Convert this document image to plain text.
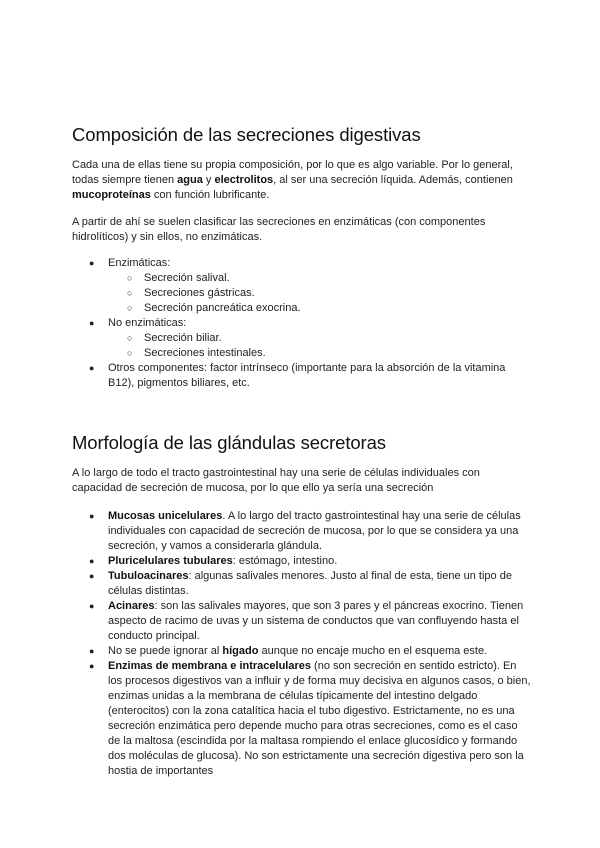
Composición de las secreciones digestivas

Cada una de ellas tiene su propia composición, por lo que es algo variable. Por lo general, todas siempre tienen agua y electrolitos, al ser una secreción líquida. Además, contienen mucoproteínas con función lubrificante.

A partir de ahí se suelen clasificar las secreciones en enzimáticas (con componentes hidrolíticos) y sin ellos, no enzimáticas.

● Enzimáticas:
○ Secreción salival.
○ Secreciones gástricas.
○ Secreción pancreática exocrina.
● No enzimáticas:
○ Secreción biliar.
○ Secreciones intestinales.
● Otros componentes: factor intrínseco (importante para la absorción de la vitamina B12), pigmentos biliares, etc.
Morfología de las glándulas secretoras

A lo largo de todo el tracto gastrointestinal hay una serie de células individuales con capacidad de secreción de mucosa, por lo que ello ya sería una secreción

● Mucosas unicelulares. A lo largo del tracto gastrointestinal hay una serie de células individuales con capacidad de secreción de mucosa, por lo que se considera ya una secreción, y vamos a considerarla glándula.
● Pluricelulares tubulares: estómago, intestino.
● Tubuloacinares: algunas salivales menores. Justo al final de esta, tiene un tipo de células distintas.
● Acinares: son las salivales mayores, que son 3 pares y el páncreas exocrino. Tienen aspecto de racimo de uvas y un sistema de conductos que van confluyendo hasta el conducto principal.
● No se puede ignorar al hígado aunque no encaje mucho en el esquema este.
● Enzimas de membrana e intracelulares (no son secreción en sentido estricto). En los procesos digestivos van a influir y de forma muy decisiva en algunos casos, o bien, enzimas unidas a la membrana de células típicamente del intestino delgado (enterocitos) con la zona catalítica hacia el tubo digestivo. Estrictamente, no es una secreción enzimática pero depende mucho para otras secreciones, como es el caso de la maltosa (escindida por la maltasa rompiendo el enlace glucosídico y formando dos moléculas de glucosa). No son estrictamente una secreción digestiva pero son la hostia de importantes
